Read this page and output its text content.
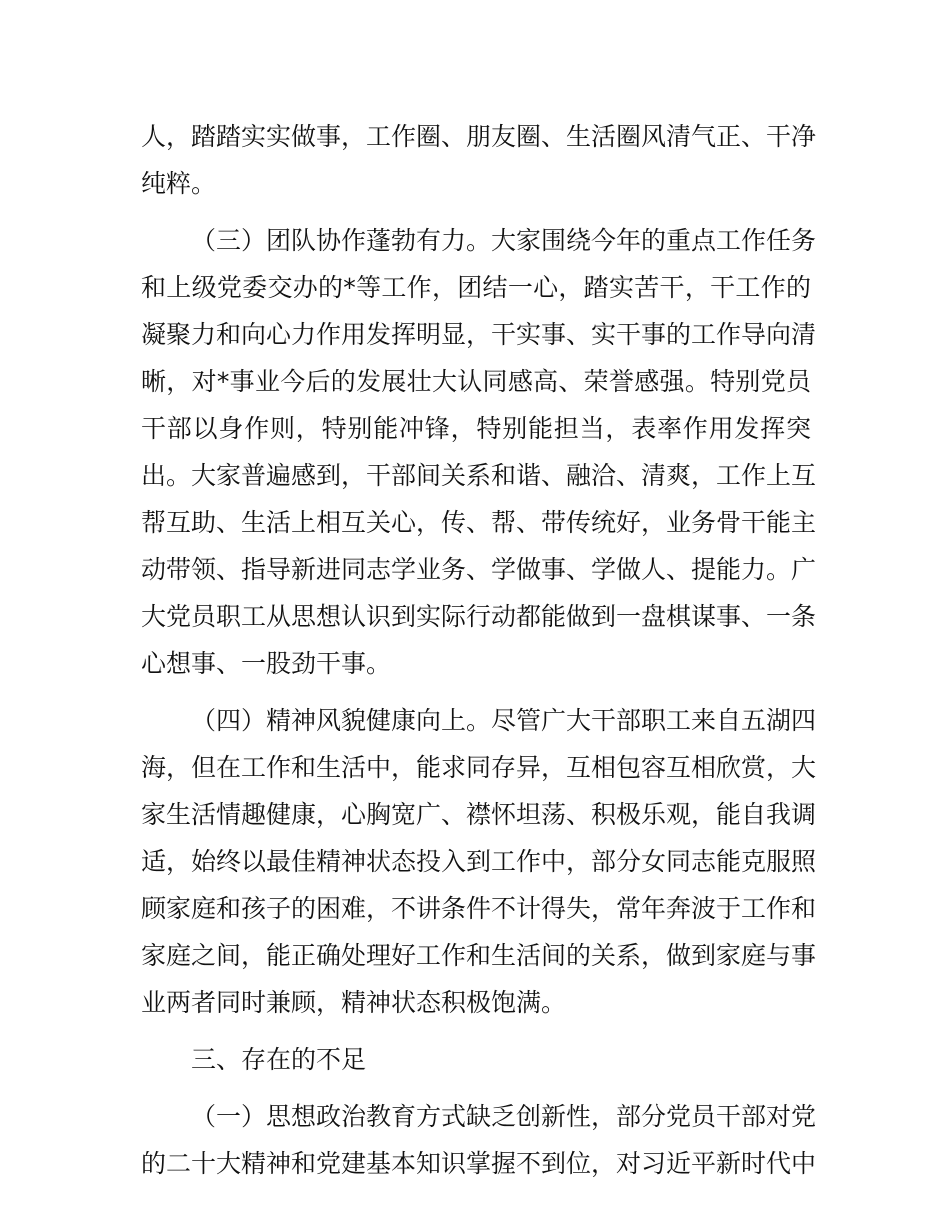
人，踏踏实实做事，工作圈、朋友圈、生活圈风清气正、干净
纯粹。
（三）团队协作蓬勃有力。大家围绕今年的重点工作任务
和上级党委交办的*等工作，团结一心，踏实苦干，干工作的
凝聚力和向心力作用发挥明显，干实事、实干事的工作导向清
晰，对*事业今后的发展壮大认同感高、荣誉感强。特别党员
干部以身作则，特别能冲锋，特别能担当，表率作用发挥突
出。大家普遍感到，干部间关系和谐、融洽、清爽，工作上互
帮互助、生活上相互关心，传、帮、带传统好，业务骨干能主
动带领、指导新进同志学业务、学做事、学做人、提能力。广
大党员职工从思想认识到实际行动都能做到一盘棋谋事、一条
心想事、一股劲干事。
（四）精神风貌健康向上。尽管广大干部职工来自五湖四
海，但在工作和生活中，能求同存异，互相包容互相欣赏，大
家生活情趣健康，心胸宽广、襟怀坦荡、积极乐观，能自我调
适，始终以最佳精神状态投入到工作中，部分女同志能克服照
顾家庭和孩子的困难，不讲条件不计得失，常年奔波于工作和
家庭之间，能正确处理好工作和生活间的关系，做到家庭与事
业两者同时兼顾，精神状态积极饱满。
三、存在的不足
（一）思想政治教育方式缺乏创新性，部分党员干部对党
的二十大精神和党建基本知识掌握不到位，对习近平新时代中
